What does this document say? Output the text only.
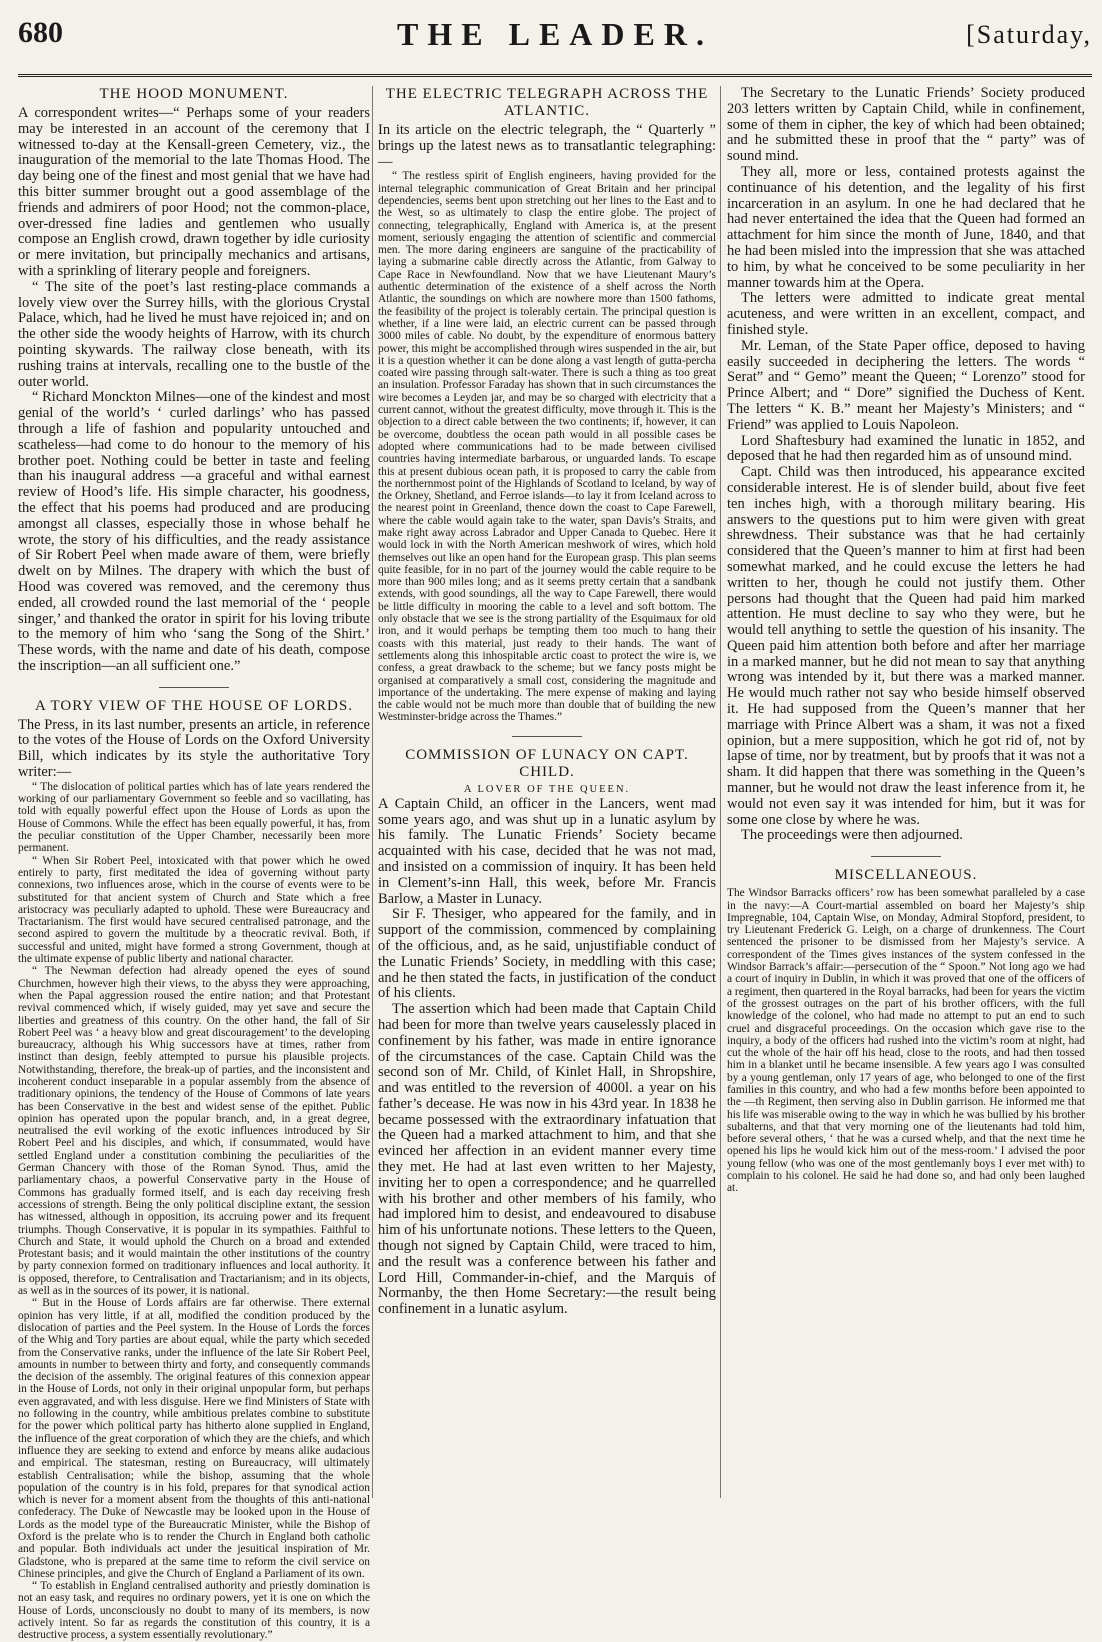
680	THE LEADER.	[Saturday,
THE HOOD MONUMENT.

A correspondent writes—“ Perhaps some of your readers may be interested in an account of the ceremony that I witnessed to-day at the Kensall-green Cemetery, viz., the inauguration of the memorial to the late Thomas Hood. The day being one of the finest and most genial that we have had this bitter summer brought out a good assemblage of the friends and admirers of poor Hood; not the common-place, over-dressed fine ladies and gentlemen who usually compose an English crowd, drawn together by idle curiosity or mere invitation, but principally mechanics and artisans, with a sprinkling of literary people and foreigners.

“ The site of the poet’s last resting-place commands a lovely view over the Surrey hills, with the glorious Crystal Palace, which, had he lived he must have rejoiced in; and on the other side the woody heights of Harrow, with its church pointing skywards. The railway close beneath, with its rushing trains at intervals, recalling one to the bustle of the outer world.

“ Richard Monckton Milnes—one of the kindest and most genial of the world’s ‘ curled darlings’ who has passed through a life of fashion and popularity untouched and scatheless—had come to do honour to the memory of his brother poet. Nothing could be better in taste and feeling than his inaugural address —a graceful and withal earnest review of Hood’s life. His simple character, his goodness, the effect that his poems had produced and are producing amongst all classes, especially those in whose behalf he wrote, the story of his difficulties, and the ready assistance of Sir Robert Peel when made aware of them, were briefly dwelt on by Milnes. The drapery with which the bust of Hood was covered was removed, and the ceremony thus ended, all crowded round the last memorial of the ‘ people singer,’ and thanked the orator in spirit for his loving tribute to the memory of him who ‘sang the Song of the Shirt.’ These words, with the name and date of his death, compose the inscription—an all sufficient one.”

A TORY VIEW OF THE HOUSE OF LORDS.

The Press, in its last number, presents an article, in reference to the votes of the House of Lords on the Oxford University Bill, which indicates by its style the authoritative Tory writer:—

“ The dislocation of political parties which has of late years rendered the working of our parliamentary Government so feeble and so vacillating, has told with equally powerful effect upon the House of Lords as upon the House of Commons. While the effect has been equally powerful, it has, from the peculiar constitution of the Upper Chamber, necessarily been more permanent.

“ When Sir Robert Peel, intoxicated with that power which he owed entirely to party, first meditated the idea of governing without party connexions, two influences arose, which in the course of events were to be substituted for that ancient system of Church and State which a free aristocracy was peculiarly adapted to uphold. These were Bureaucracy and Tractarianism. The first would have secured centralised patronage, and the second aspired to govern the multitude by a theocratic revival. Both, if successful and united, might have formed a strong Government, though at the ultimate expense of public liberty and national character.

“ The Newman defection had already opened the eyes of sound Churchmen, however high their views, to the abyss they were approaching, when the Papal aggression roused the entire nation; and that Protestant revival commenced which, if wisely guided, may yet save and secure the liberties and greatness of this country. On the other hand, the fall of Sir Robert Peel was ‘ a heavy blow and great discouragement’ to the developing bureaucracy, although his Whig successors have at times, rather from instinct than design, feebly attempted to pursue his plausible projects. Notwithstanding, therefore, the break-up of parties, and the inconsistent and incoherent conduct inseparable in a popular assembly from the absence of traditionary opinions, the tendency of the House of Commons of late years has been Conservative in the best and widest sense of the epithet. Public opinion has operated upon the popular branch, and, in a great degree, neutralised the evil working of the exotic influences introduced by Sir Robert Peel and his disciples, and which, if consummated, would have settled England under a constitution combining the peculiarities of the German Chancery with those of the Roman Synod. Thus, amid the parliamentary chaos, a powerful Conservative party in the House of Commons has gradually formed itself, and is each day receiving fresh accessions of strength. Being the only political discipline extant, the session has witnessed, although in opposition, its accruing power and its frequent triumphs. Though Conservative, it is popular in its sympathies. Faithful to Church and State, it would uphold the Church on a broad and extended Protestant basis; and it would maintain the other institutions of the country by party connexion formed on traditionary influences and local authority. It is opposed, therefore, to Centralisation and Tractarianism; and in its objects, as well as in the sources of its power, it is national.

“ But in the House of Lords affairs are far otherwise. There external opinion has very little, if at all, modified the condition produced by the dislocation of parties and the Peel system. In the House of Lords the forces of the Whig and Tory parties are about equal, while the party which seceded from the Conservative ranks, under the influence of the late Sir Robert Peel, amounts in number to between thirty and forty, and consequently commands the decision of the assembly. The original features of this connexion appear in the House of Lords, not only in their original unpopular form, but perhaps even aggravated, and with less disguise. Here we find Ministers of State with no following in the country, while ambitious prelates combine to substitute for the power which political party has hitherto alone supplied in England, the influence of the great corporation of which they are the chiefs, and which influence they are seeking to extend and enforce by means alike audacious and empirical. The statesman, resting on Bureaucracy, will ultimately establish Centralisation; while the bishop, assuming that the whole population of the country is in his fold, prepares for that synodical action which is never for a moment absent from the thoughts of this anti-national confederacy. The Duke of Newcastle may be looked upon in the House of Lords as the model type of the Bureaucratic Minister, while the Bishop of Oxford is the prelate who is to render the Church in England both catholic and popular. Both individuals act under the jesuitical inspiration of Mr. Gladstone, who is prepared at the same time to reform the civil service on Chinese principles, and give the Church of England a Parliament of its own.

“ To establish in England centralised authority and priestly domination is not an easy task, and requires no ordinary powers, yet it is one on which the House of Lords, unconsciously no doubt to many of its members, is now actively intent. So far as regards the constitution of this country, it is a destructive process, a system essentially revolutionary.”

THE ELECTRIC TELEGRAPH ACROSS THE ATLANTIC.

In its article on the electric telegraph, the “ Quarterly ” brings up the latest news as to transatlantic telegraphing:—

“ The restless spirit of English engineers, having provided for the internal telegraphic communication of Great Britain and her principal dependencies, seems bent upon stretching out her lines to the East and to the West, so as ultimately to clasp the entire globe. The project of connecting, telegraphically, England with America is, at the present moment, seriously engaging the attention of scientific and commercial men. The more daring engineers are sanguine of the practicability of laying a submarine cable directly across the Atlantic, from Galway to Cape Race in Newfoundland. Now that we have Lieutenant Maury’s authentic determination of the existence of a shelf across the North Atlantic, the soundings on which are nowhere more than 1500 fathoms, the feasibility of the project is tolerably certain. The principal question is whether, if a line were laid, an electric current can be passed through 3000 miles of cable. No doubt, by the expenditure of enormous battery power, this might be accomplished through wires suspended in the air, but it is a question whether it can be done along a vast length of gutta-percha coated wire passing through salt-water. There is such a thing as too great an insulation. Professor Faraday has shown that in such circumstances the wire becomes a Leyden jar, and may be so charged with electricity that a current cannot, without the greatest difficulty, move through it. This is the objection to a direct cable between the two continents; if, however, it can be overcome, doubtless the ocean path would in all possible cases be adopted where communications had to be made between civilised countries having intermediate barbarous, or unguarded lands. To escape this at present dubious ocean path, it is proposed to carry the cable from the northernmost point of the Highlands of Scotland to Iceland, by way of the Orkney, Shetland, and Ferroe islands—to lay it from Iceland across to the nearest point in Greenland, thence down the coast to Cape Farewell, where the cable would again take to the water, span Davis’s Straits, and make right away across Labrador and Upper Canada to Quebec. Here it would lock in with the North American meshwork of wires, which hold themselves out like an open hand for the European grasp. This plan seems quite feasible, for in no part of the journey would the cable require to be more than 900 miles long; and as it seems pretty certain that a sandbank extends, with good soundings, all the way to Cape Farewell, there would be little difficulty in mooring the cable to a level and soft bottom. The only obstacle that we see is the strong partiality of the Esquimaux for old iron, and it would perhaps be tempting them too much to hang their coasts with this material, just ready to their hands. The want of settlements along this inhospitable arctic coast to protect the wire is, we confess, a great drawback to the scheme; but we fancy posts might be organised at comparatively a small cost, considering the magnitude and importance of the undertaking. The mere expense of making and laying the cable would not be much more than double that of building the new Westminster-bridge across the Thames.”

COMMISSION OF LUNACY ON CAPT. CHILD.
A LOVER OF THE QUEEN.

A Captain Child, an officer in the Lancers, went mad some years ago, and was shut up in a lunatic asylum by his family. The Lunatic Friends’ Society became acquainted with his case, decided that he was not mad, and insisted on a commission of inquiry. It has been held in Clement’s-inn Hall, this week, before Mr. Francis Barlow, a Master in Lunacy.

Sir F. Thesiger, who appeared for the family, and in support of the commission, commenced by complaining of the officious, and, as he said, unjustifiable conduct of the Lunatic Friends’ Society, in meddling with this case; and he then stated the facts, in justification of the conduct of his clients.

The assertion which had been made that Captain Child had been for more than twelve years causelessly placed in confinement by his father, was made in entire ignorance of the circumstances of the case. Captain Child was the second son of Mr. Child, of Kinlet Hall, in Shropshire, and was entitled to the reversion of 4000l. a year on his father’s decease. He was now in his 43rd year. In 1838 he became possessed with the extraordinary infatuation that the Queen had a marked attachment to him, and that she evinced her affection in an evident manner every time they met. He had at last even written to her Majesty, inviting her to open a correspondence; and he quarrelled with his brother and other members of his family, who had implored him to desist, and endeavoured to disabuse him of his unfortunate notions. These letters to the Queen, though not signed by Captain Child, were traced to him, and the result was a conference between his father and Lord Hill, Commander-in-chief, and the Marquis of Normanby, the then Home Secretary:—the result being confinement in a lunatic asylum.

The Secretary to the Lunatic Friends’ Society produced 203 letters written by Captain Child, while in confinement, some of them in cipher, the key of which had been obtained; and he submitted these in proof that the “ party” was of sound mind.

They all, more or less, contained protests against the continuance of his detention, and the legality of his first incarceration in an asylum. In one he had declared that he had never entertained the idea that the Queen had formed an attachment for him since the month of June, 1840, and that he had been misled into the impression that she was attached to him, by what he conceived to be some peculiarity in her manner towards him at the Opera.

The letters were admitted to indicate great mental acuteness, and were written in an excellent, compact, and finished style.

Mr. Leman, of the State Paper office, deposed to having easily succeeded in deciphering the letters. The words “ Serat” and “ Gemo” meant the Queen; “ Lorenzo” stood for Prince Albert; and “ Dore” signified the Duchess of Kent. The letters “ K. B.” meant her Majesty’s Ministers; and “ Friend” was applied to Louis Napoleon.

Lord Shaftesbury had examined the lunatic in 1852, and deposed that he had then regarded him as of unsound mind.

Capt. Child was then introduced, his appearance excited considerable interest. He is of slender build, about five feet ten inches high, with a thorough military bearing. His answers to the questions put to him were given with great shrewdness. Their substance was that he had certainly considered that the Queen’s manner to him at first had been somewhat marked, and he could excuse the letters he had written to her, though he could not justify them. Other persons had thought that the Queen had paid him marked attention. He must decline to say who they were, but he would tell anything to settle the question of his insanity. The Queen paid him attention both before and after her marriage in a marked manner, but he did not mean to say that anything wrong was intended by it, but there was a marked manner. He would much rather not say who beside himself observed it. He had supposed from the Queen’s manner that her marriage with Prince Albert was a sham, it was not a fixed opinion, but a mere supposition, which he got rid of, not by lapse of time, nor by treatment, but by proofs that it was not a sham. It did happen that there was something in the Queen’s manner, but he would not draw the least inference from it, he would not even say it was intended for him, but it was for some one close by where he was.

The proceedings were then adjourned.

MISCELLANEOUS.

The Windsor Barracks officers’ row has been somewhat paralleled by a case in the navy:—A Court-martial assembled on board her Majesty’s ship Impregnable, 104, Captain Wise, on Monday, Admiral Stopford, president, to try Lieutenant Frederick G. Leigh, on a charge of drunkenness. The Court sentenced the prisoner to be dismissed from her Majesty’s service. A correspondent of the Times gives instances of the system confessed in the Windsor Barrack’s affair:—persecution of the “ Spoon.” Not long ago we had a court of inquiry in Dublin, in which it was proved that one of the officers of a regiment, then quartered in the Royal barracks, had been for years the victim of the grossest outrages on the part of his brother officers, with the full knowledge of the colonel, who had made no attempt to put an end to such cruel and disgraceful proceedings. On the occasion which gave rise to the inquiry, a body of the officers had rushed into the victim’s room at night, had cut the whole of the hair off his head, close to the roots, and had then tossed him in a blanket until he became insensible. A few years ago I was consulted by a young gentleman, only 17 years of age, who belonged to one of the first families in this country, and who had a few months before been appointed to the —th Regiment, then serving also in Dublin garrison. He informed me that his life was miserable owing to the way in which he was bullied by his brother subalterns, and that that very morning one of the lieutenants had told him, before several others, ‘ that he was a cursed whelp, and that the next time he opened his lips he would kick him out of the mess-room.’ I advised the poor young fellow (who was one of the most gentlemanly boys I ever met with) to complain to his colonel. He said he had done so, and had only been laughed at.
